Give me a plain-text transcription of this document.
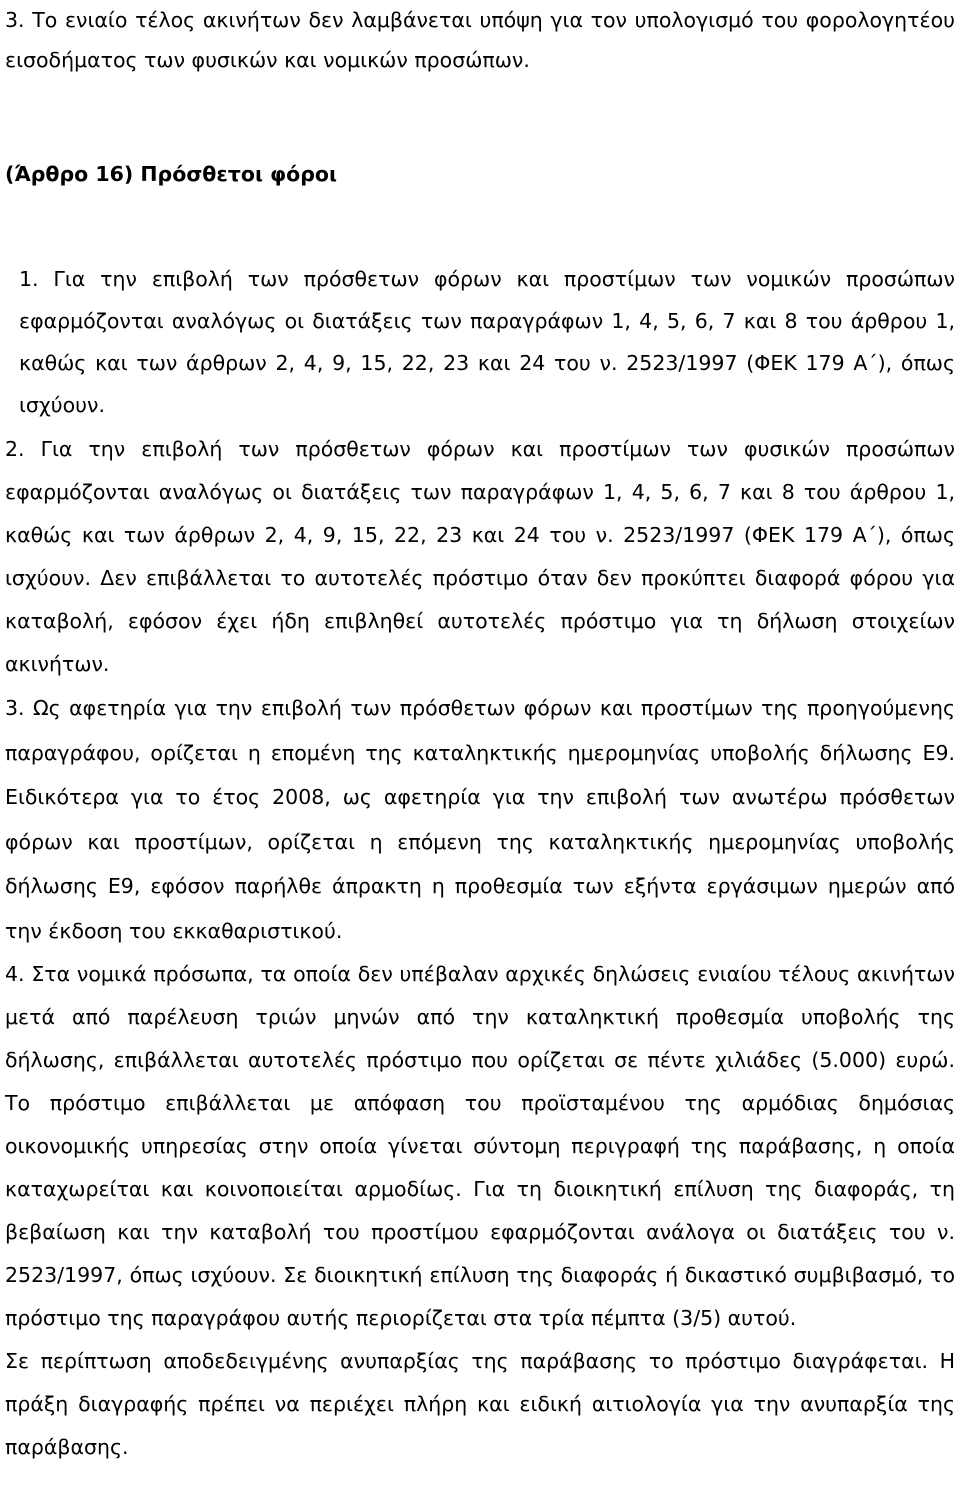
3. Το ενιαίο τέλος ακινήτων δεν λαμβάνεται υπόψη για τον υπολογισμό του φορολογητέου εισοδήματος των φυσικών και νομικών προσώπων.

(Άρθρο 16) Πρόσθετοι φόροι

1. Για την επιβολή των πρόσθετων φόρων και προστίμων των νομικών προσώπων εφαρμόζονται αναλόγως οι διατάξεις των παραγράφων 1, 4, 5, 6, 7 και 8 του άρθρου 1, καθώς και των άρθρων 2, 4, 9, 15, 22, 23 και 24 του ν. 2523/1997 (ΦΕΚ 179 Α΄), όπως ισχύουν.

2. Για την επιβολή των πρόσθετων φόρων και προστίμων των φυσικών προσώπων εφαρμόζονται αναλόγως οι διατάξεις των παραγράφων 1, 4, 5, 6, 7 και 8 του άρθρου 1, καθώς και των άρθρων 2, 4, 9, 15, 22, 23 και 24 του ν. 2523/1997 (ΦΕΚ 179 Α΄), όπως ισχύουν. Δεν επιβάλλεται το αυτοτελές πρόστιμο όταν δεν προκύπτει διαφορά φόρου για καταβολή, εφόσον έχει ήδη επιβληθεί αυτοτελές πρόστιμο για τη δήλωση στοιχείων ακινήτων.

3. Ως αφετηρία για την επιβολή των πρόσθετων φόρων και προστίμων της προηγούμενης παραγράφου, ορίζεται η επομένη της καταληκτικής ημερομηνίας υποβολής δήλωσης Ε9. Ειδικότερα για το έτος 2008, ως αφετηρία για την επιβολή των ανωτέρω πρόσθετων φόρων και προστίμων, ορίζεται η επόμενη της καταληκτικής ημερομηνίας υποβολής δήλωσης Ε9, εφόσον παρήλθε άπρακτη η προθεσμία των εξήντα εργάσιμων ημερών από την έκδοση του εκκαθαριστικού.

4. Στα νομικά πρόσωπα, τα οποία δεν υπέβαλαν αρχικές δηλώσεις ενιαίου τέλους ακινήτων μετά από παρέλευση τριών μηνών από την καταληκτική προθεσμία υποβολής της δήλωσης, επιβάλλεται αυτοτελές πρόστιμο που ορίζεται σε πέντε χιλιάδες (5.000) ευρώ. Το πρόστιμο επιβάλλεται με απόφαση του προϊσταμένου της αρμόδιας δημόσιας οικονομικής υπηρεσίας στην οποία γίνεται σύντομη περιγραφή της παράβασης, η οποία καταχωρείται και κοινοποιείται αρμοδίως. Για τη διοικητική επίλυση της διαφοράς, τη βεβαίωση και την καταβολή του προστίμου εφαρμόζονται ανάλογα οι διατάξεις του ν. 2523/1997, όπως ισχύουν. Σε διοικητική επίλυση της διαφοράς ή δικαστικό συμβιβασμό, το πρόστιμο της παραγράφου αυτής περιορίζεται στα τρία πέμπτα (3/5) αυτού.

Σε περίπτωση αποδεδειγμένης ανυπαρξίας της παράβασης το πρόστιμο διαγράφεται. Η πράξη διαγραφής πρέπει να περιέχει πλήρη και ειδική αιτιολογία για την ανυπαρξία της παράβασης.
